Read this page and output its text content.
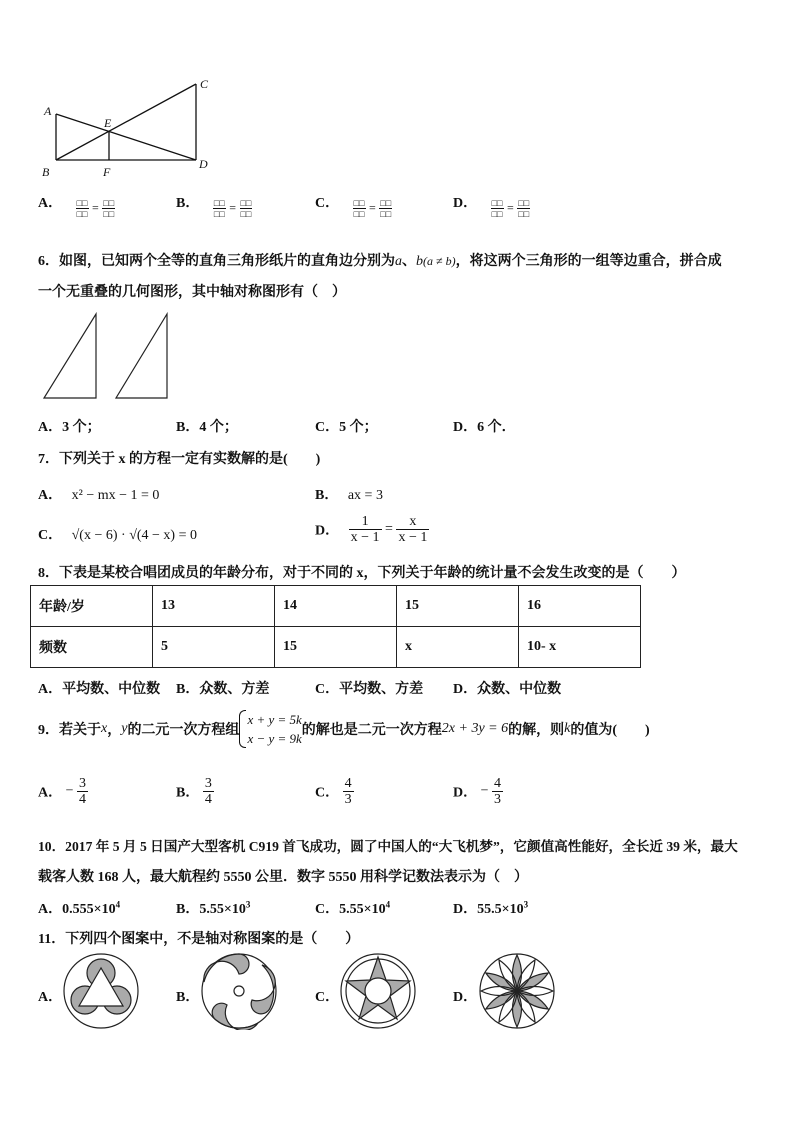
A
B
C
D
E
F
A． □□
□□ = □□
□□
B． □□
□□ = □□
□□
C． □□
□□ = □□
□□
D． □□
□□ = □□
□□
6．如图，已知两个全等的直角三角形纸片的直角边分别为a、b(a ≠ b)，将这两个三角形的一组等边重合，拼合成
一个无重叠的几何图形，其中轴对称图形有（　）
A．3 个；	B．4 个；	C．5 个；	D．6 个．
7．下列关于 x 的方程一定有实数解的是(　　)
A． x² − mx − 1 = 0	B． ax = 3
C． √(x − 6) · √(4 − x) = 0	D． $\frac{1}{x - 1} = \frac{x}{x - 1}$
8．下表是某校合唱团成员的年龄分布，对于不同的 x，下列关于年龄的统计量不会发生改变的是（　　）
年龄/岁	13	14	15	16
频数	5	15	x	10- x
A．平均数、中位数 B．众数、方差	C．平均数、方差 D．众数、中位数
9．若关于x，y的二元一次方程组
x + y = 5k
x − y = 9k
的解也是二元一次方程2x + 3y = 6的解，则k的值为(　　)
A． − $\frac{3}{4}$	B． $\frac{3}{4}$	C． $\frac{4}{3}$	D． − $\frac{4}{3}$
10．2017 年 5 月 5 日国产大型客机 C919 首飞成功，圆了中国人的“大飞机梦”，它颜值高性能好，全长近 39 米，最大
载客人数 168 人，最大航程约 5550 公里．数字 5550 用科学记数法表示为（　）
A．$0.555\times 10^4$	B．$5.55\times 10^3$	C．$5.55\times 10^4$	D．$55.5\times 10^3$
11．下列四个图案中，不是轴对称图案的是（　　）
A．	B．	C．	D．
